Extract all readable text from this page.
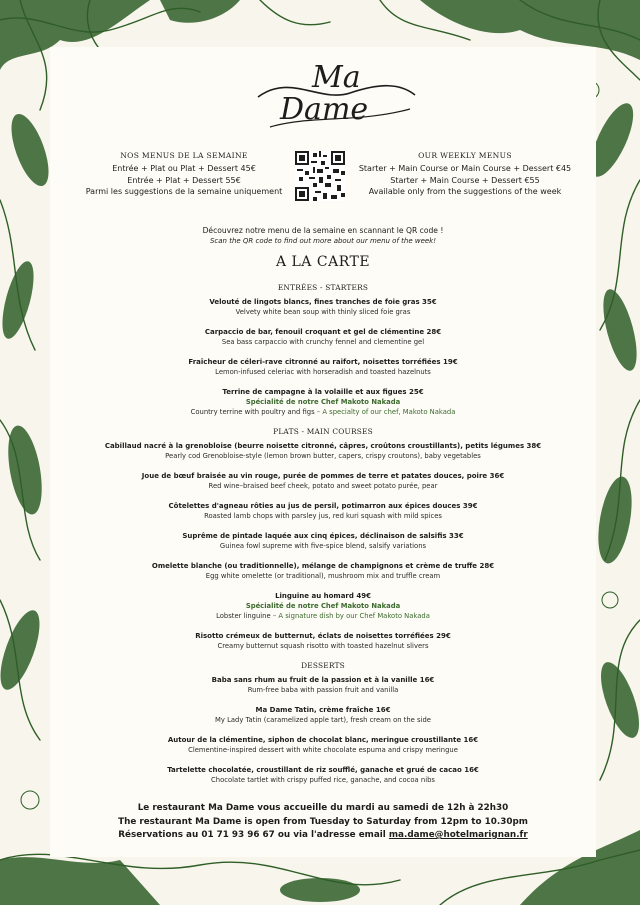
Ma
Dame
NOS MENUS DE LA SEMAINE
Entrée + Plat ou Plat + Dessert 45€
Entrée + Plat + Dessert 55€
Parmi les suggestions de la semaine uniquement
OUR WEEKLY MENUS
Starter + Main Course or Main Course + Dessert €45
Starter + Main Course + Dessert €55
Available only from the suggestions of the week
Découvrez notre menu de la semaine en scannant le QR code !
Scan the QR code to find out more about our menu of the week!
A LA CARTE
ENTRÉES - STARTERS
Velouté de lingots blancs, fines tranches de foie gras 35€
Velvety white bean soup with thinly sliced foie gras
Carpaccio de bar, fenouil croquant et gel de clémentine 28€
Sea bass carpaccio with crunchy fennel and clementine gel
Fraîcheur de céleri-rave citronné au raifort, noisettes torréfiées 19€
Lemon-infused celeriac with horseradish and toasted hazelnuts
Terrine de campagne à la volaille et aux figues 25€
Spécialité de notre Chef Makoto Nakada
Country terrine with poultry and figs – A specialty of our chef, Makoto Nakada
PLATS - MAIN COURSES
Cabillaud nacré à la grenobloise (beurre noisette citronné, câpres, croûtons croustillants), petits légumes 38€
Pearly cod Grenobloise-style (lemon brown butter, capers, crispy croutons), baby vegetables
Joue de bœuf braisée au vin rouge, purée de pommes de terre et patates douces, poire 36€
Red wine–braised beef cheek, potato and sweet potato purée, pear
Côtelettes d'agneau rôties au jus de persil, potimarron aux épices douces 39€
Roasted lamb chops with parsley jus, red kuri squash with mild spices
Suprême de pintade laquée aux cinq épices, déclinaison de salsifis 33€
Guinea fowl supreme with five-spice blend, salsify variations
Omelette blanche (ou traditionnelle), mélange de champignons et crème de truffe 28€
Egg white omelette (or traditional), mushroom mix and truffle cream
Linguine au homard 49€
Spécialité de notre Chef Makoto Nakada
Lobster linguine – A signature dish by our Chef Makoto Nakada
Risotto crémeux de butternut, éclats de noisettes torréfiées 29€
Creamy butternut squash risotto with toasted hazelnut slivers
DESSERTS
Baba sans rhum au fruit de la passion et à la vanille 16€
Rum-free baba with passion fruit and vanilla
Ma Dame Tatin, crème fraîche 16€
My Lady Tatin (caramelized apple tart), fresh cream on the side
Autour de la clémentine, siphon de chocolat blanc, meringue croustillante 16€
Clementine-inspired dessert with white chocolate espuma and crispy meringue
Tartelette chocolatée, croustillant de riz soufflé, ganache et grué de cacao 16€
Chocolate tartlet with crispy puffed rice, ganache, and cocoa nibs
Le restaurant Ma Dame vous accueille du mardi au samedi de 12h à 22h30
The restaurant Ma Dame is open from Tuesday to Saturday from 12pm to 10.30pm
Réservations au 01 71 93 96 67 ou via l'adresse email ma.dame@hotelmarignan.fr
